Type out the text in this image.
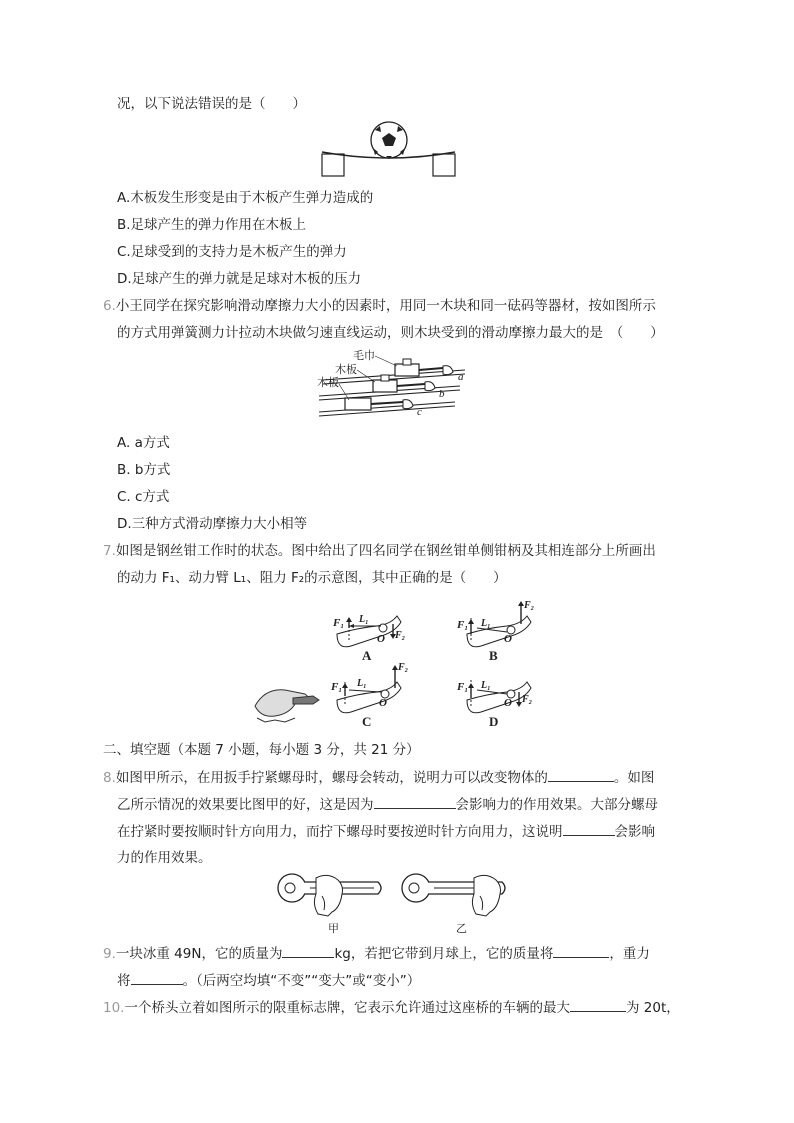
况，以下说法错误的是（　　）
A.木板发生形变是由于木板产生弹力造成的
B.足球产生的弹力作用在木板上
C.足球受到的支持力是木板产生的弹力
D.足球产生的弹力就是足球对木板的压力
6.小王同学在探究影响滑动摩擦力大小的因素时，用同一木块和同一砝码等器材，按如图所示
的方式用弹簧测力计拉动木块做匀速直线运动，则木块受到的滑动摩擦力最大的是　（　　）
毛巾
木板
木板	a
b
c
A. a方式
B. b方式
C. c方式
D.三种方式滑动摩擦力大小相等
7.如图是钢丝钳工作时的状态。图中给出了四名同学在钢丝钳单侧钳柄及其相连部分上所画出
的动力 F₁、动力臂 L₁、阻力 F₂的示意图，其中正确的是（　　）
F₁ L₁
F₂
O
A
F₁ L₁
F₂
O
B
F₁ L₁
F₂
O
C
F₁ L₁
F₂
O
D
二、填空题（本题 7 小题，每小题 3 分，共 21 分）
8.如图甲所示，在用扳手拧紧螺母时，螺母会转动，说明力可以改变物体的	。如图
乙所示情况的效果要比图甲的好，这是因为	会影响力的作用效果。大部分螺母
在拧紧时要按顺时针方向用力，而拧下螺母时要按逆时针方向用力，这说明	会影响
力的作用效果。
甲	乙
9.一块冰重 49N，它的质量为	kg，若把它带到月球上，它的质量将	，重力
将	。（后两空均填“不变”“变大”或“变小”）
10.一个桥头立着如图所示的限重标志牌，它表示允许通过这座桥的车辆的最大	为 20t，
